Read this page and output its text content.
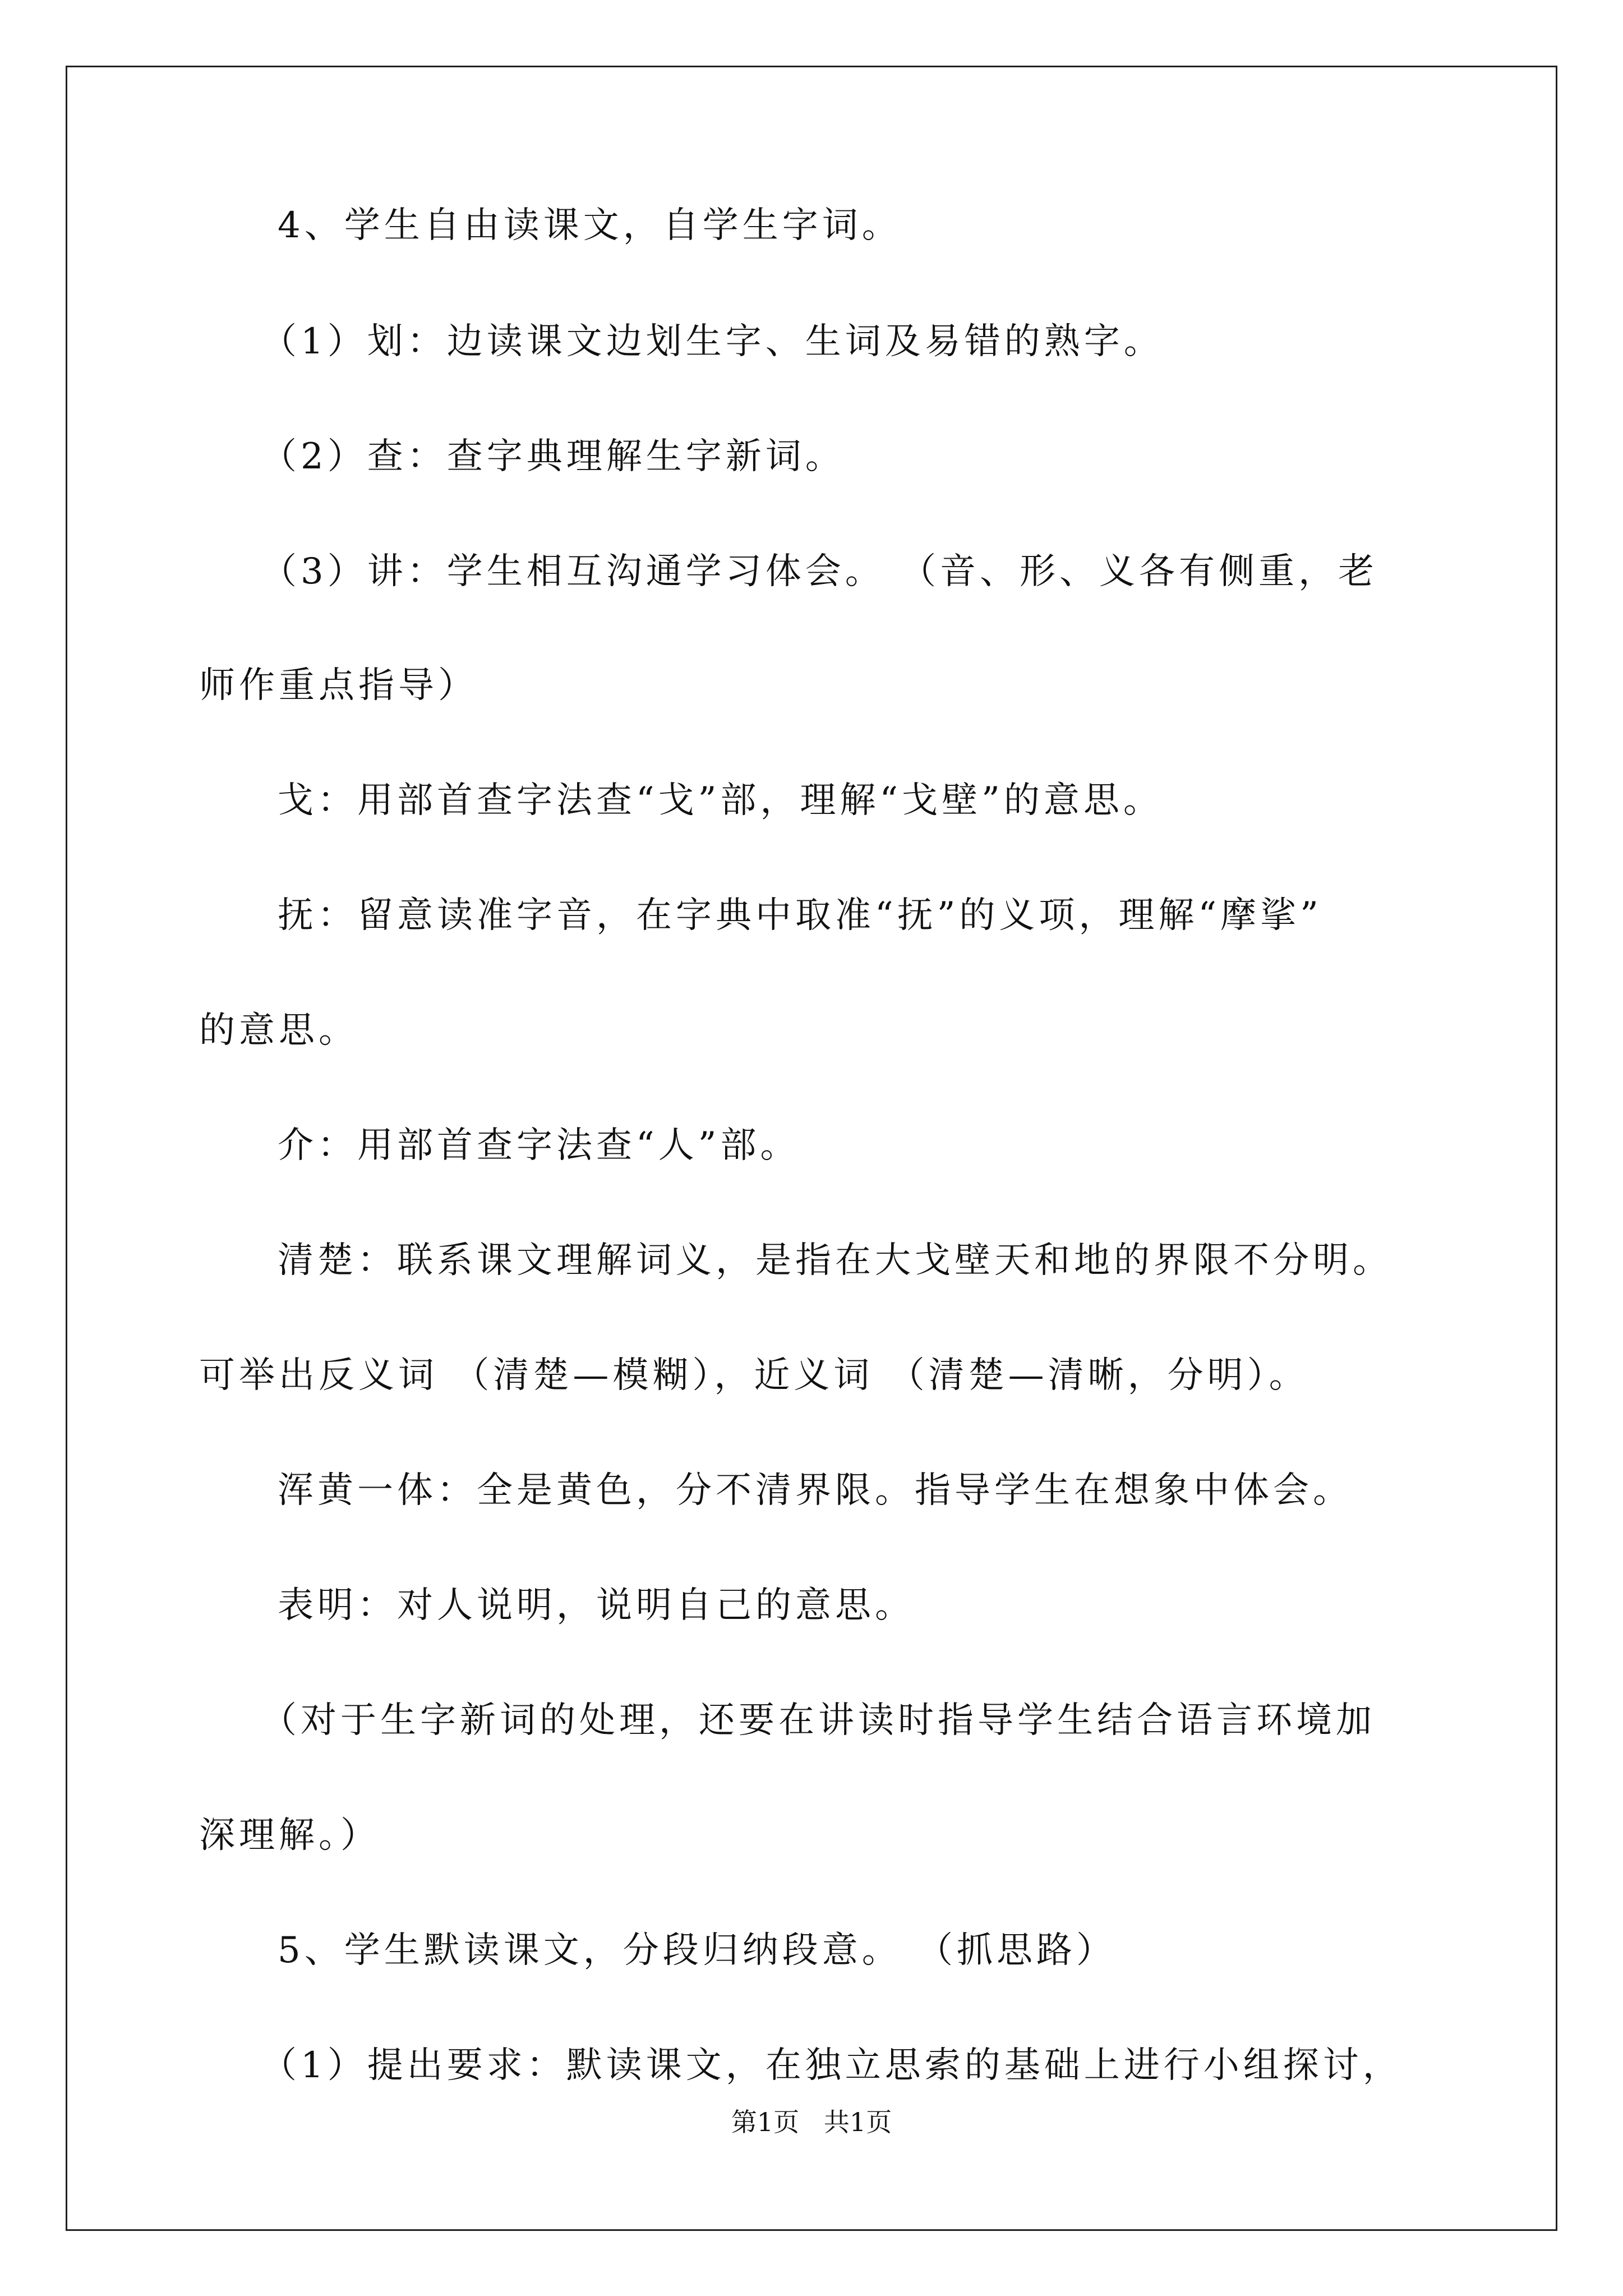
4、学生自由读课文，自学生字词。

（1）划：边读课文边划生字、生词及易错的熟字。

（2）查：查字典理解生字新词。

（3）讲：学生相互沟通学习体会。 （音、形、义各有侧重，老

师作重点指导）

戈：用部首查字法查“戈”部，理解“戈壁”的意思。

抚：留意读准字音，在字典中取准“抚”的义项，理解“摩挲”

的意思。

介：用部首查字法查“人”部。

清楚：联系课文理解词义，是指在大戈壁天和地的界限不分明。

可举出反义词 （清楚—模糊），近义词 （清楚—清晰，分明）。

浑黄一体：全是黄色，分不清界限。指导学生在想象中体会。

表明：对人说明，说明自己的意思。

（对于生字新词的处理，还要在讲读时指导学生结合语言环境加

深理解。）

5、学生默读课文，分段归纳段意。 （抓思路）

（1）提出要求：默读课文，在独立思索的基础上进行小组探讨，

第1页   共1页
